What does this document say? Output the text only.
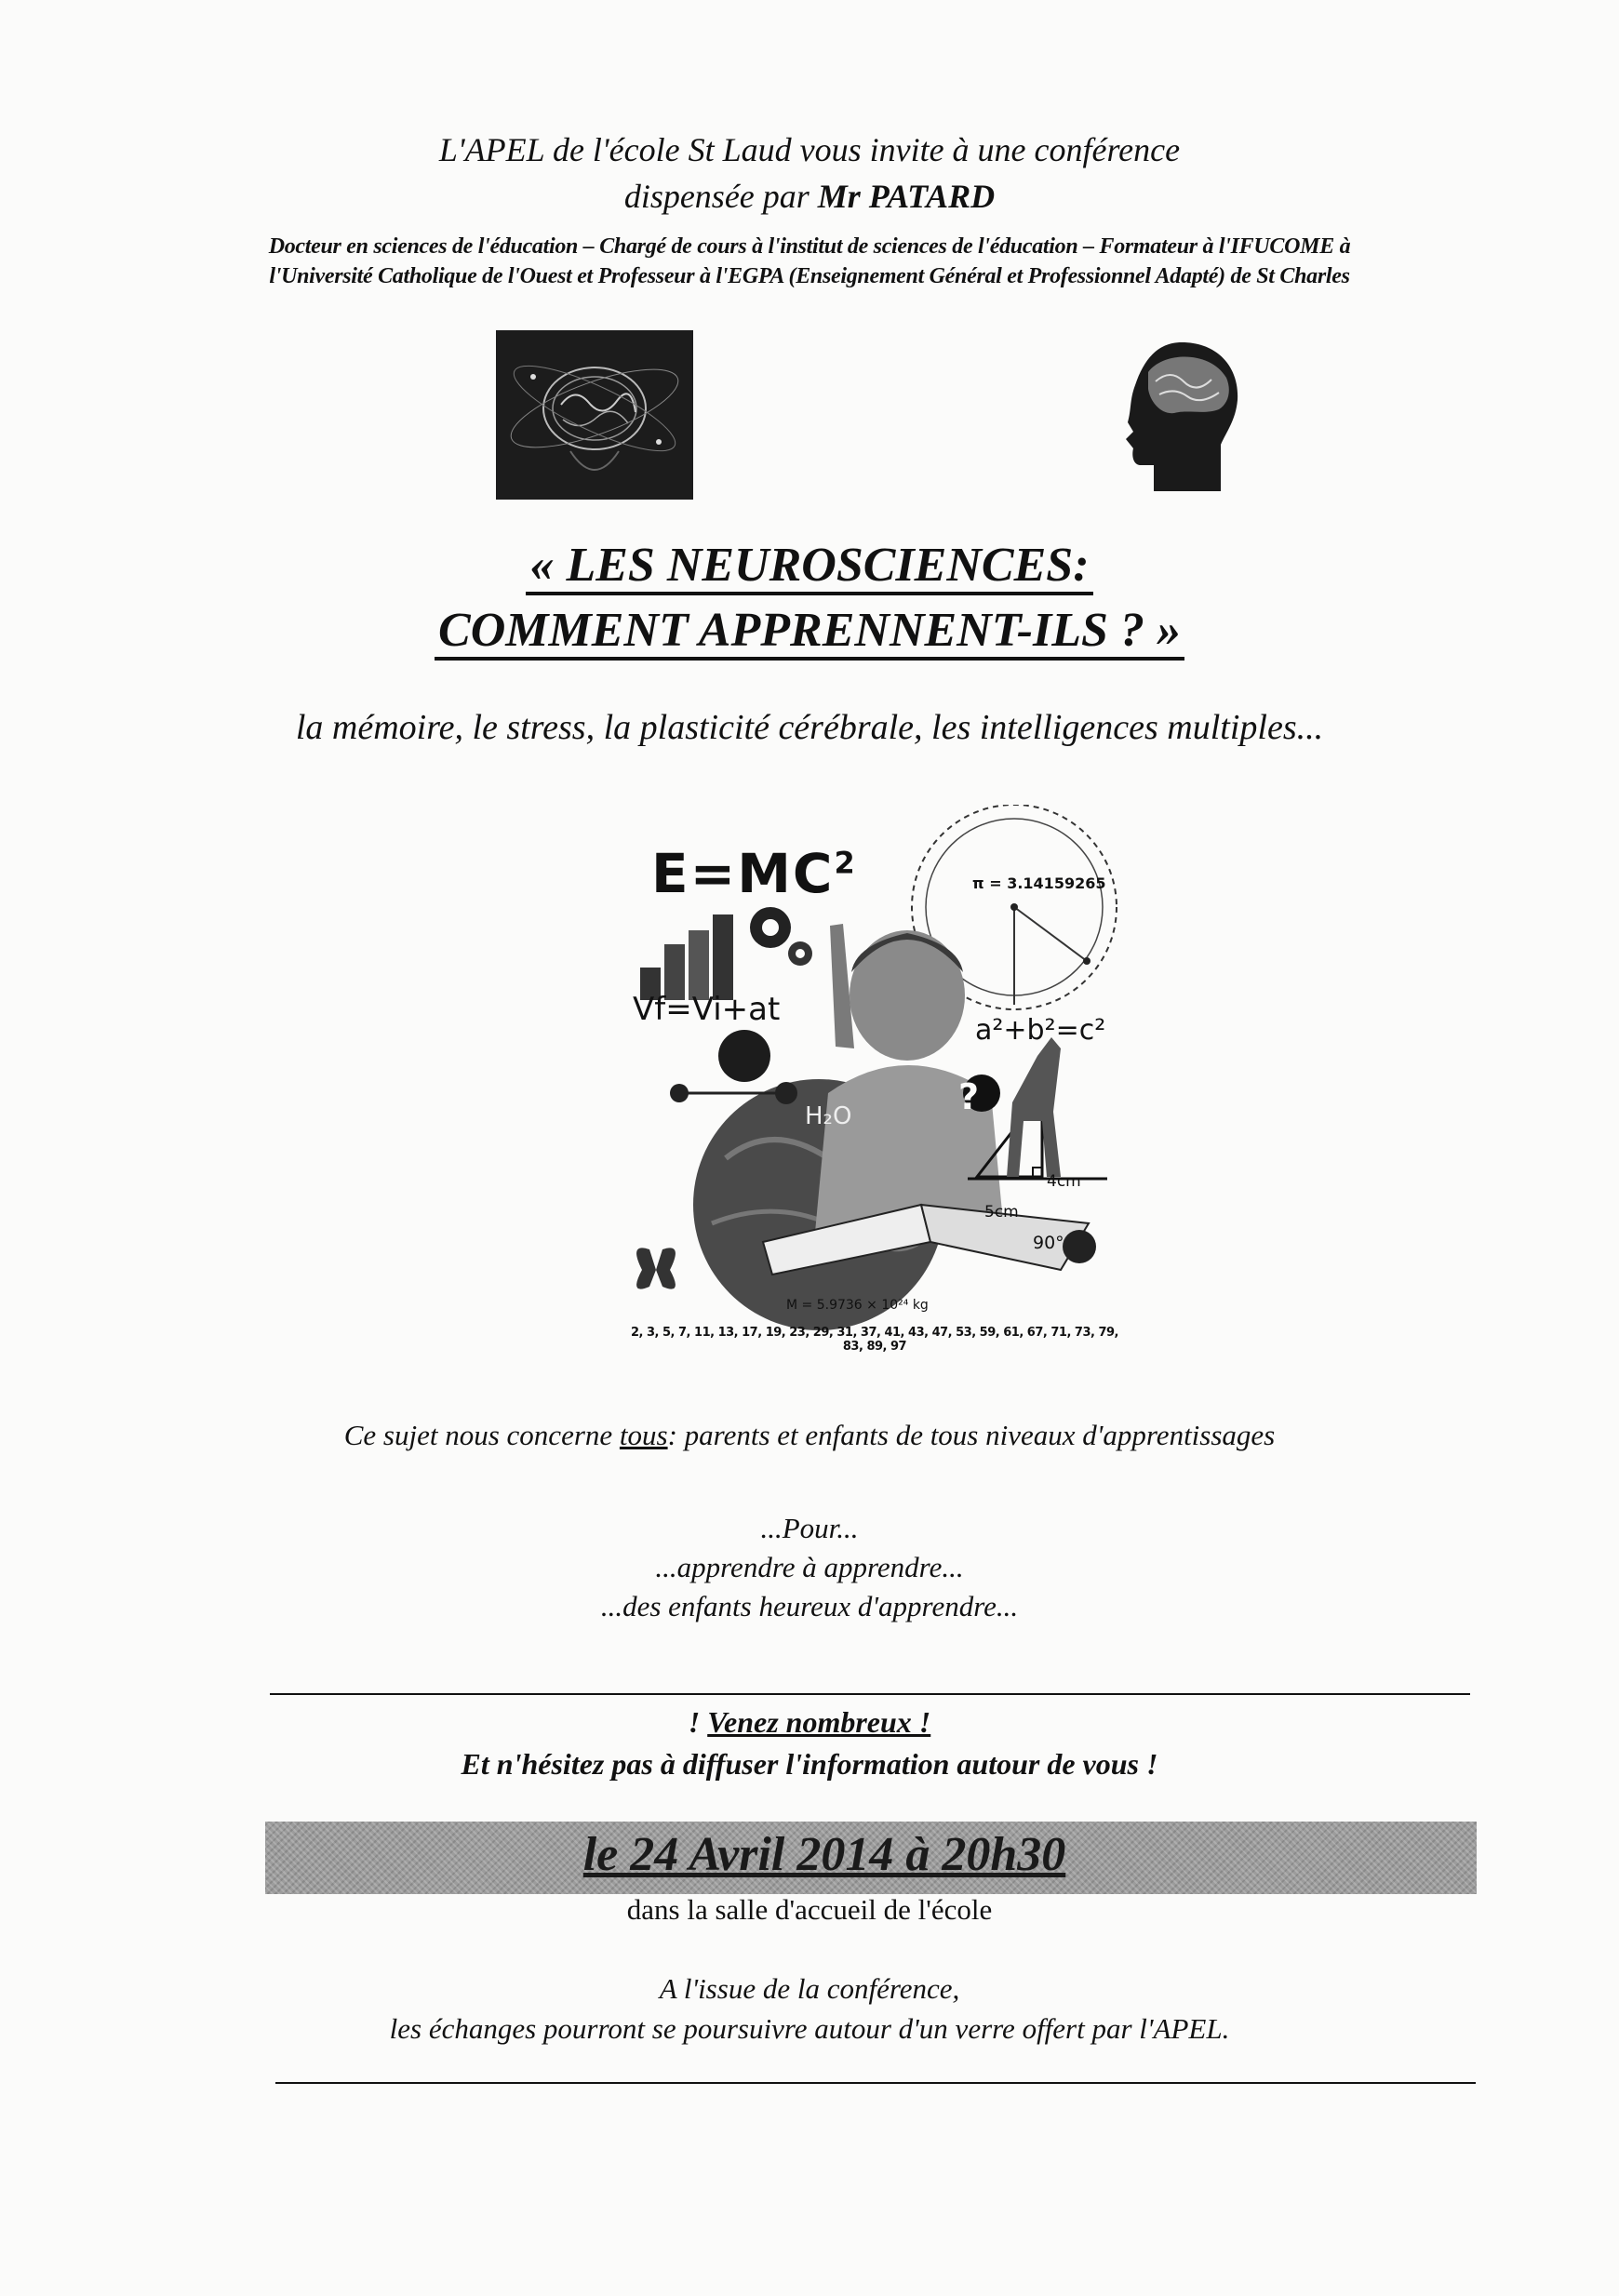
L'APEL de l'école St Laud vous invite à une conférence
dispensée par Mr PATARD
Docteur en sciences de l'éducation – Chargé de cours à l'institut de sciences de l'éducation – Formateur à l'IFUCOME à
l'Université Catholique de l'Ouest et Professeur à l'EGPA (Enseignement Général et Professionnel Adapté) de St Charles
« LES NEUROSCIENCES:
COMMENT APPRENNENT-ILS ? »
la mémoire, le stress, la plasticité cérébrale, les intelligences multiples...
$E=MC^2$
π = 3.14159265
Vf=Vi+at
a²+b²=c²
H₂O	?
4cm
5cm
90°
M = 5.9736 × 10²⁴ kg
2, 3, 5, 7, 11, 13, 17, 19, 23, 29, 31, 37, 41, 43, 47, 53, 59, 61, 67, 71, 73, 79, 83, 89, 97
Ce sujet nous concerne tous: parents et enfants de tous niveaux d'apprentissages
...Pour...
...apprendre à apprendre...
...des enfants heureux d'apprendre...
! Venez nombreux !
Et n'hésitez pas à diffuser l'information autour de vous !
le 24 Avril 2014 à 20h30
dans la salle d'accueil de l'école
A l'issue de la conférence,
les échanges pourront se poursuivre autour d'un verre offert par l'APEL.
